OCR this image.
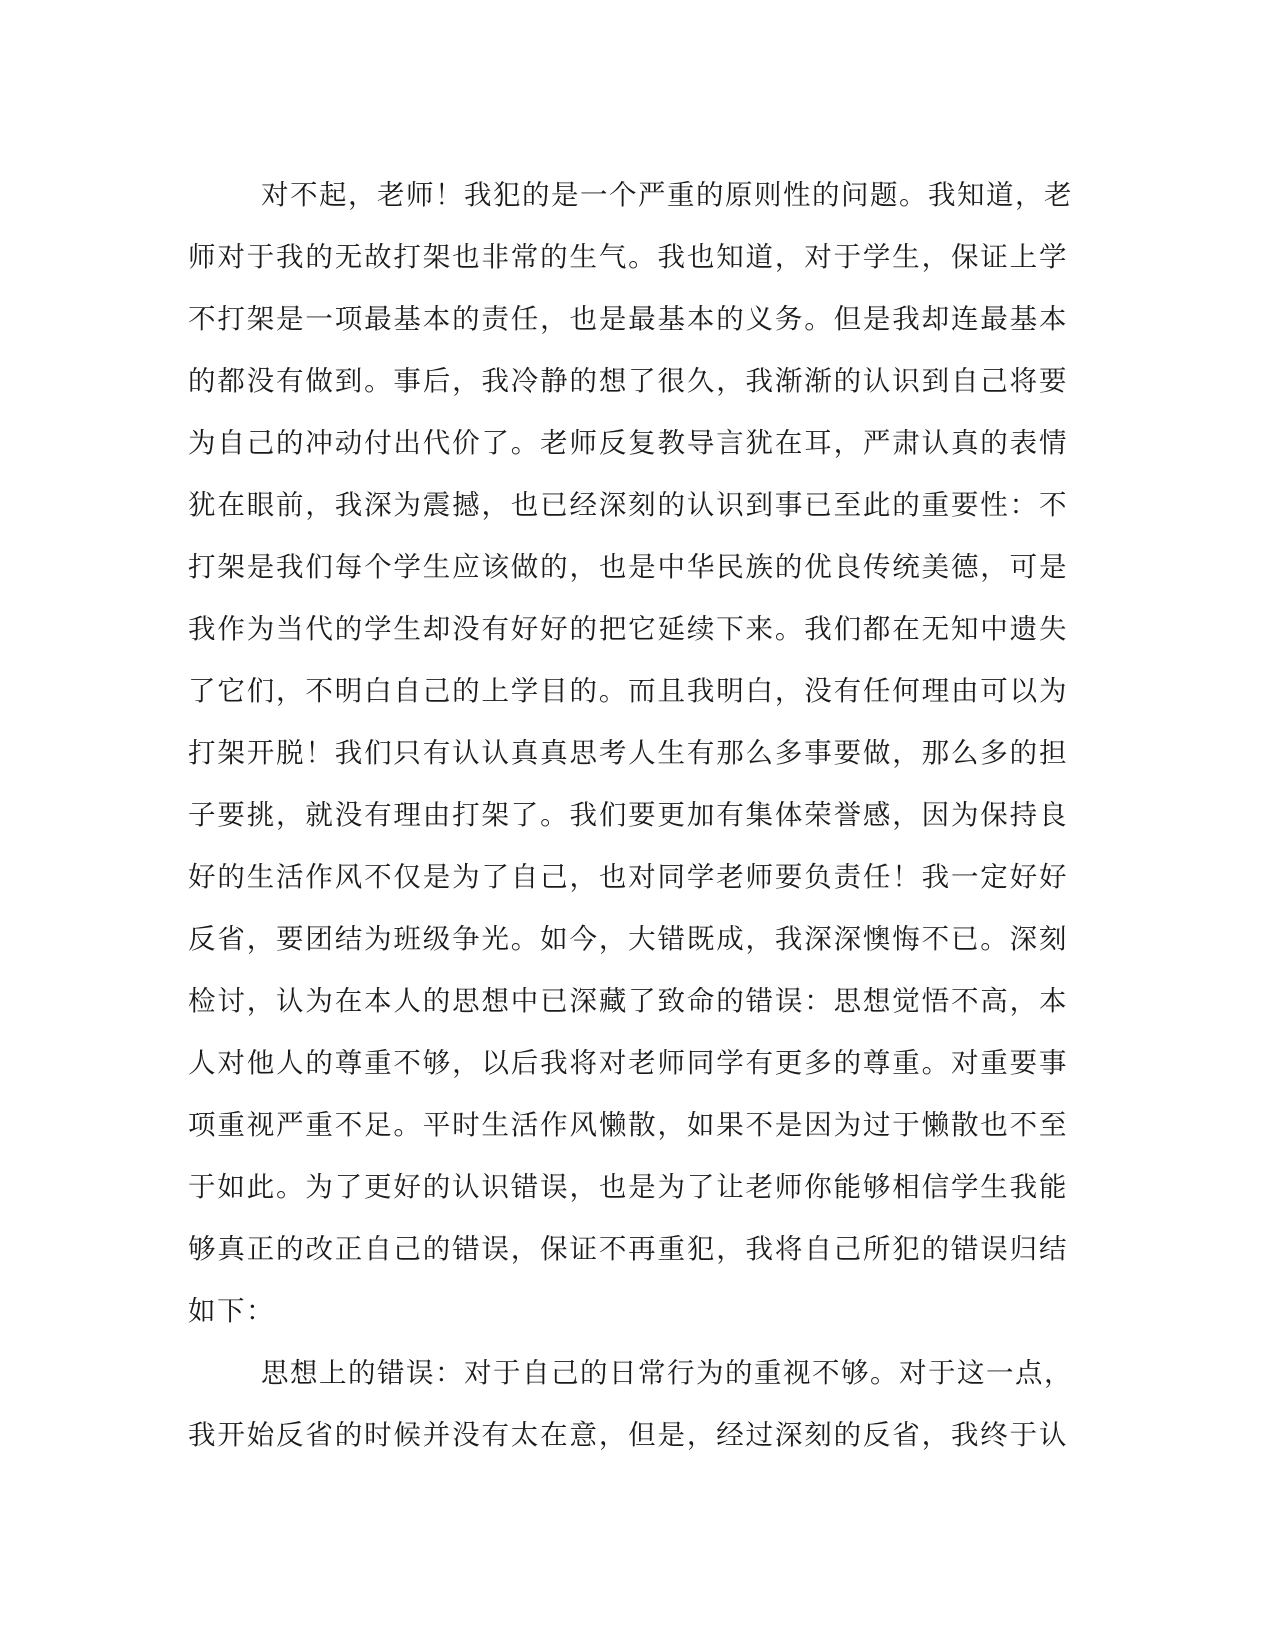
对不起，老师！我犯的是一个严重的原则性的问题。我知道，老
师对于我的无故打架也非常的生气。我也知道，对于学生，保证上学
不打架是一项最基本的责任，也是最基本的义务。但是我却连最基本
的都没有做到。事后，我冷静的想了很久，我渐渐的认识到自己将要
为自己的冲动付出代价了。老师反复教导言犹在耳，严肃认真的表情
犹在眼前，我深为震撼，也已经深刻的认识到事已至此的重要性：不
打架是我们每个学生应该做的，也是中华民族的优良传统美德，可是
我作为当代的学生却没有好好的把它延续下来。我们都在无知中遗失
了它们，不明白自己的上学目的。而且我明白，没有任何理由可以为
打架开脱！我们只有认认真真思考人生有那么多事要做，那么多的担
子要挑，就没有理由打架了。我们要更加有集体荣誉感，因为保持良
好的生活作风不仅是为了自己，也对同学老师要负责任！我一定好好
反省，要团结为班级争光。如今，大错既成，我深深懊悔不已。深刻
检讨，认为在本人的思想中已深藏了致命的错误：思想觉悟不高，本
人对他人的尊重不够，以后我将对老师同学有更多的尊重。对重要事
项重视严重不足。平时生活作风懒散，如果不是因为过于懒散也不至
于如此。为了更好的认识错误，也是为了让老师你能够相信学生我能
够真正的改正自己的错误，保证不再重犯，我将自己所犯的错误归结
如下：
思想上的错误：对于自己的日常行为的重视不够。对于这一点，
我开始反省的时候并没有太在意，但是，经过深刻的反省，我终于认
